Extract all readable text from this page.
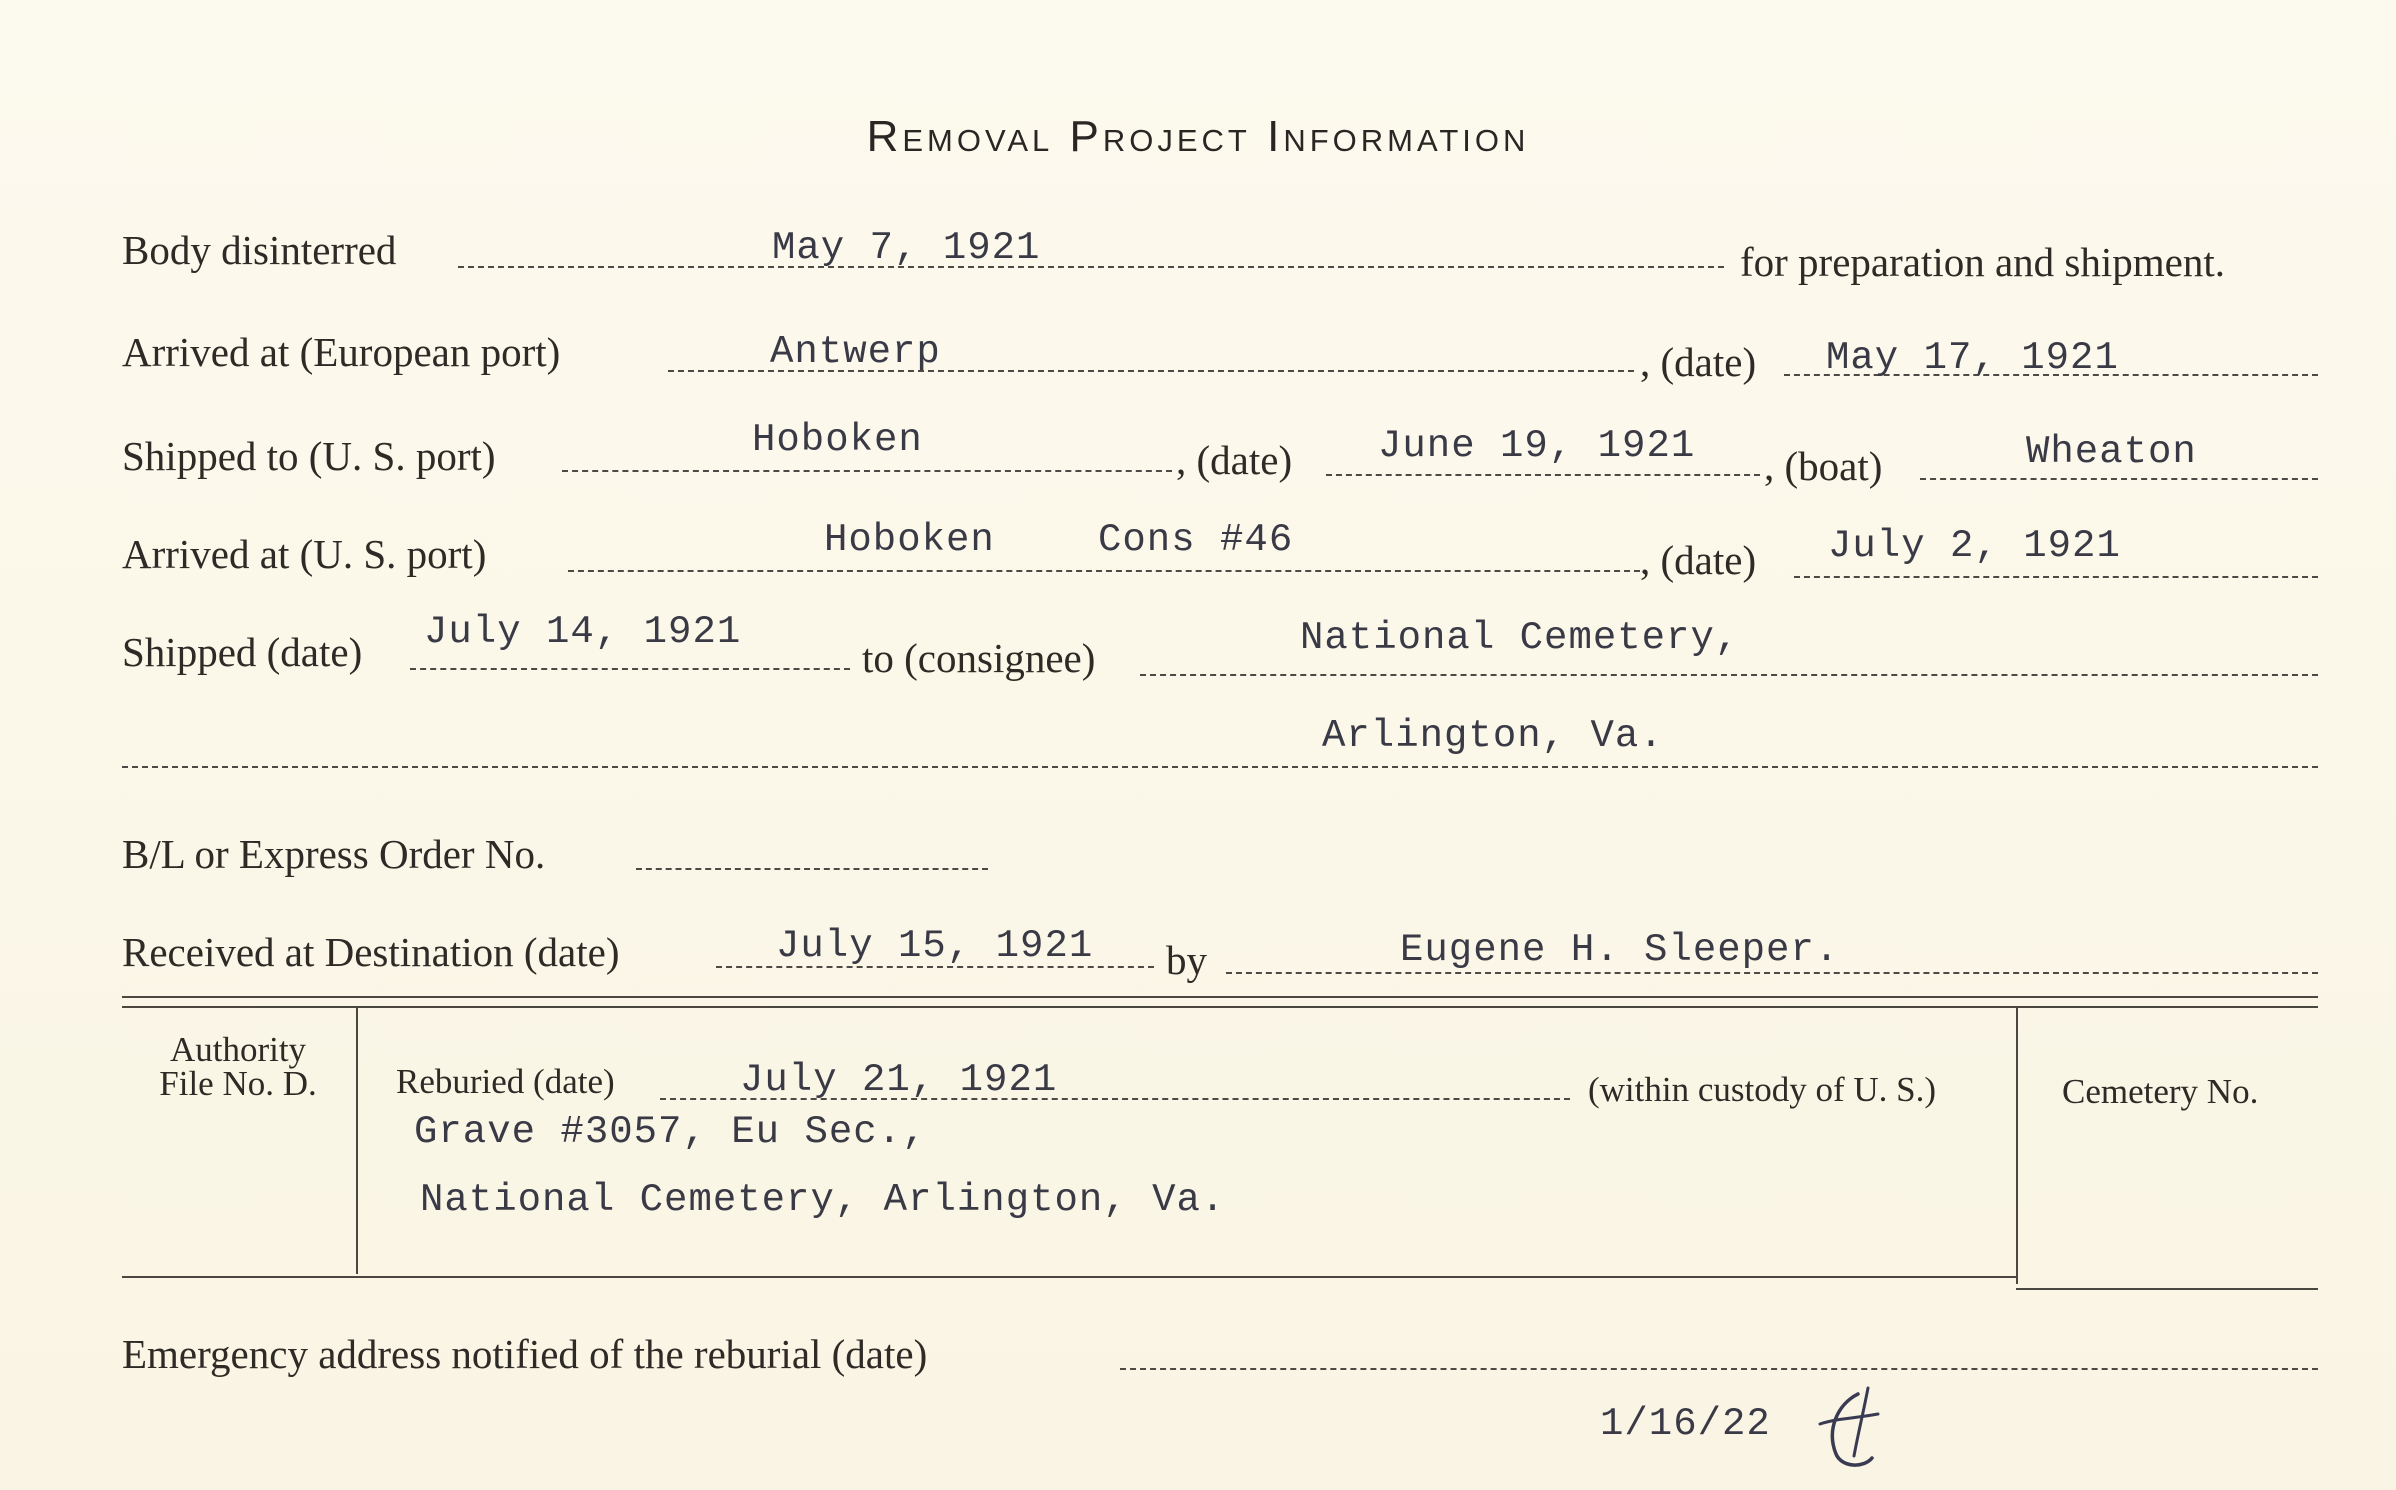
Removal Project Information
Body disinterred	May 7, 1921	for preparation and shipment.
Arrived at (European port)	Antwerp	, (date) May 17, 1921
Shipped to (U. S. port)	Hoboken	, (date) June 19, 1921 , (boat)	Wheaton
Arrived at (U. S. port)	Hoboken	Cons #46	, (date) July 2, 1921
Shipped (date) July 14, 1921
to (consignee)	National Cemetery,
Arlington, Va.
B/L or Express Order No.
Received at Destination (date)	July 15, 1921 by	Eugene H. Sleeper.
Authority
File No. D.	Reburied (date)	July 21, 1921	(within custody of U. S.)
Grave #3057, Eu Sec.,
National Cemetery, Arlington, Va.
Cemetery No.
Emergency address notified of the reburial (date)
1/16/22
